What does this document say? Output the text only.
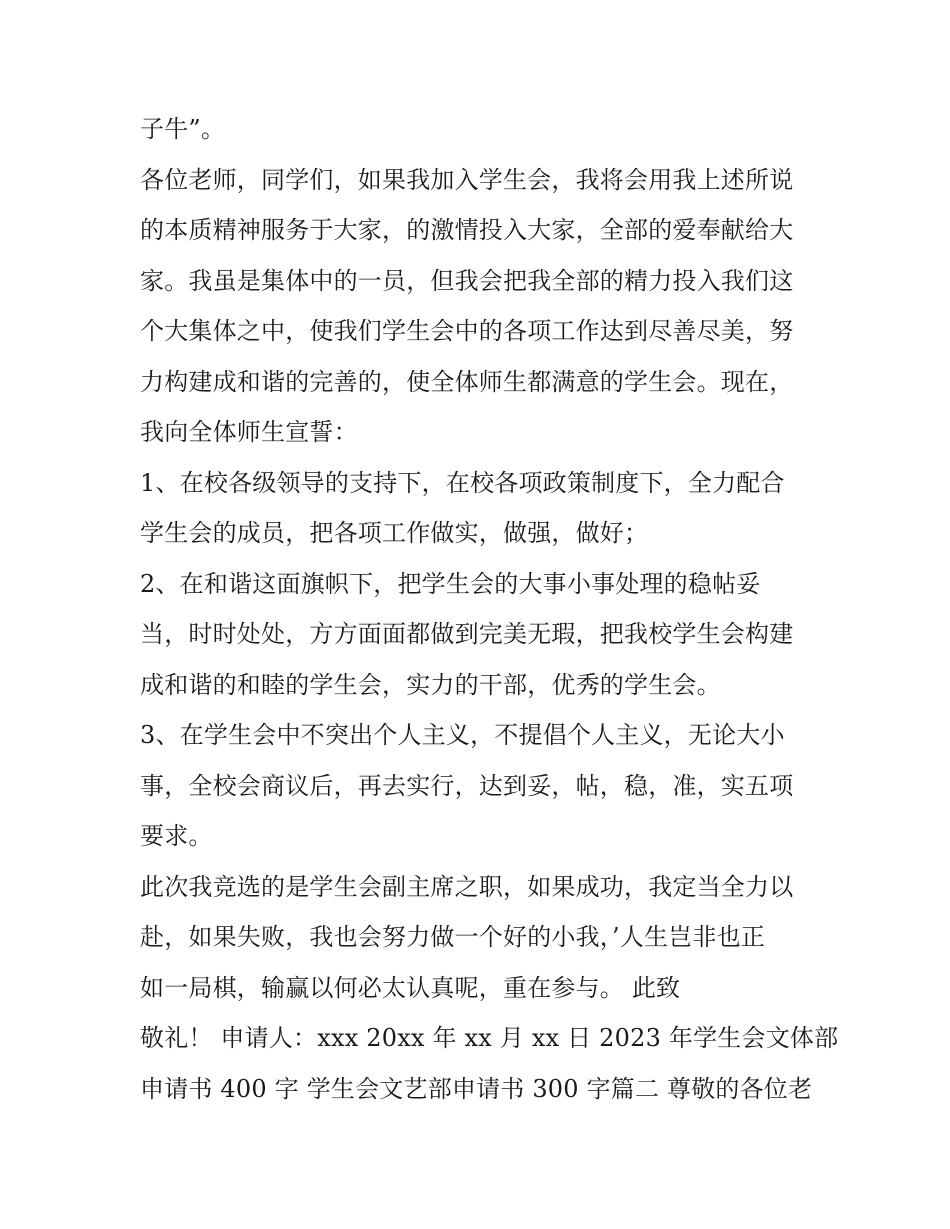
子牛”。
各位老师，同学们，如果我加入学生会，我将会用我上述所说
的本质精神服务于大家，的激情投入大家，全部的爱奉献给大
家。我虽是集体中的一员，但我会把我全部的精力投入我们这
个大集体之中，使我们学生会中的各项工作达到尽善尽美，努
力构建成和谐的完善的，使全体师生都满意的学生会。现在，
我向全体师生宣誓：
1、在校各级领导的支持下，在校各项政策制度下，全力配合
学生会的成员，把各项工作做实，做强，做好；
2、在和谐这面旗帜下，把学生会的大事小事处理的稳帖妥
当，时时处处，方方面面都做到完美无瑕，把我校学生会构建
成和谐的和睦的学生会，实力的干部，优秀的学生会。
3、在学生会中不突出个人主义，不提倡个人主义，无论大小
事，全校会商议后，再去实行，达到妥，帖，稳，准，实五项
要求。
此次我竞选的是学生会副主席之职，如果成功，我定当全力以
赴，如果失败，我也会努力做一个好的小我，’人生岂非也正
如一局棋，输赢以何必太认真呢，重在参与。 此致
敬礼！ 申请人：xxx 20xx 年 xx 月 xx 日 2023 年学生会文体部
申请书 400 字 学生会文艺部申请书 300 字篇二 尊敬的各位老
